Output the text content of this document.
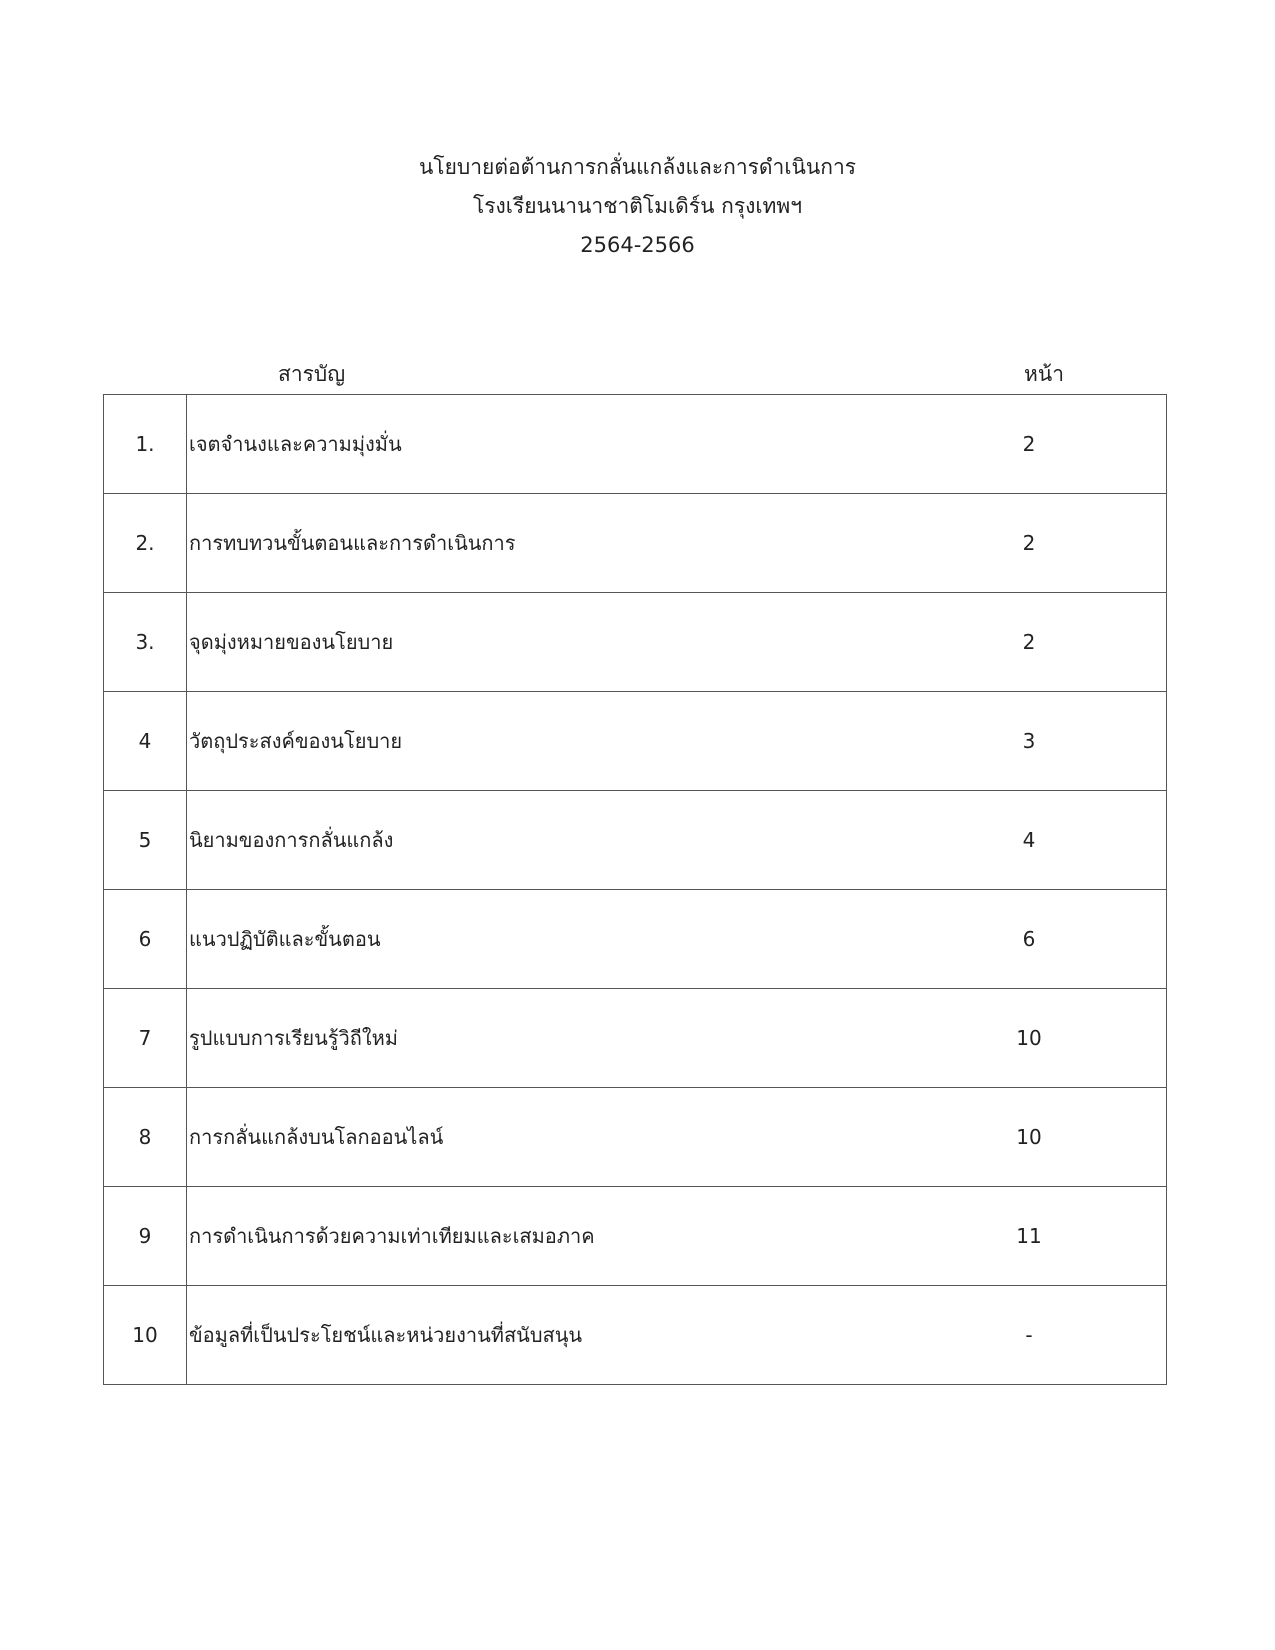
นโยบายต่อต้านการกลั่นแกล้งและการดำเนินการ
โรงเรียนนานาชาติโมเดิร์น กรุงเทพฯ
2564-2566
สารบัญ	หน้า
1.	เจตจำนงและความมุ่งมั่น	2
2.	การทบทวนขั้นตอนและการดำเนินการ	2
3.	จุดมุ่งหมายของนโยบาย	2
4	วัตถุประสงค์ของนโยบาย	3
5	นิยามของการกลั่นแกล้ง	4
6	แนวปฏิบัติและขั้นตอน	6
7	รูปแบบการเรียนรู้วิถีใหม่	10
8	การกลั่นแกล้งบนโลกออนไลน์	10
9	การดำเนินการด้วยความเท่าเทียมและเสมอภาค	11
10	ข้อมูลที่เป็นประโยชน์และหน่วยงานที่สนับสนุน	-
